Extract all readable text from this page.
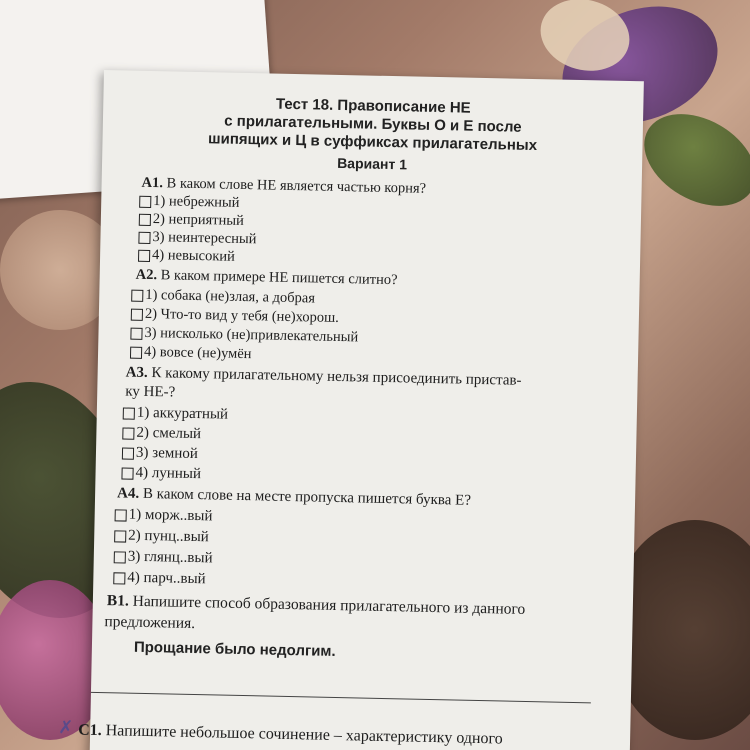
Тест 18. Правописание НЕ
с прилагательными. Буквы О и Е после
шипящих и Ц в суффиксах прилагательных
Вариант 1
A1. В каком слове НЕ является частью корня?
1) небрежный
2) неприятный
3) неинтересный
4) невысокий
A2. В каком примере НЕ пишется слитно?
1) собака (не)злая, а добрая
2) Что-то вид у тебя (не)хорош.
3) нисколько (не)привлекательный
4) вовсе (не)умён
A3. К какому прилагательному нельзя присоединить пристав-
ку НЕ-?
1) аккуратный
2) смелый
3) земной
4) лунный
A4. В каком слове на месте пропуска пишется буква Е?
1) морж..вый
2) пунц..вый
3) глянц..вый
4) парч..вый
B1. Напишите способ образования прилагательного из данного
предложения.
Прощание было недолгим.
✗ С1. Напишите небольшое сочинение – характеристику одного
